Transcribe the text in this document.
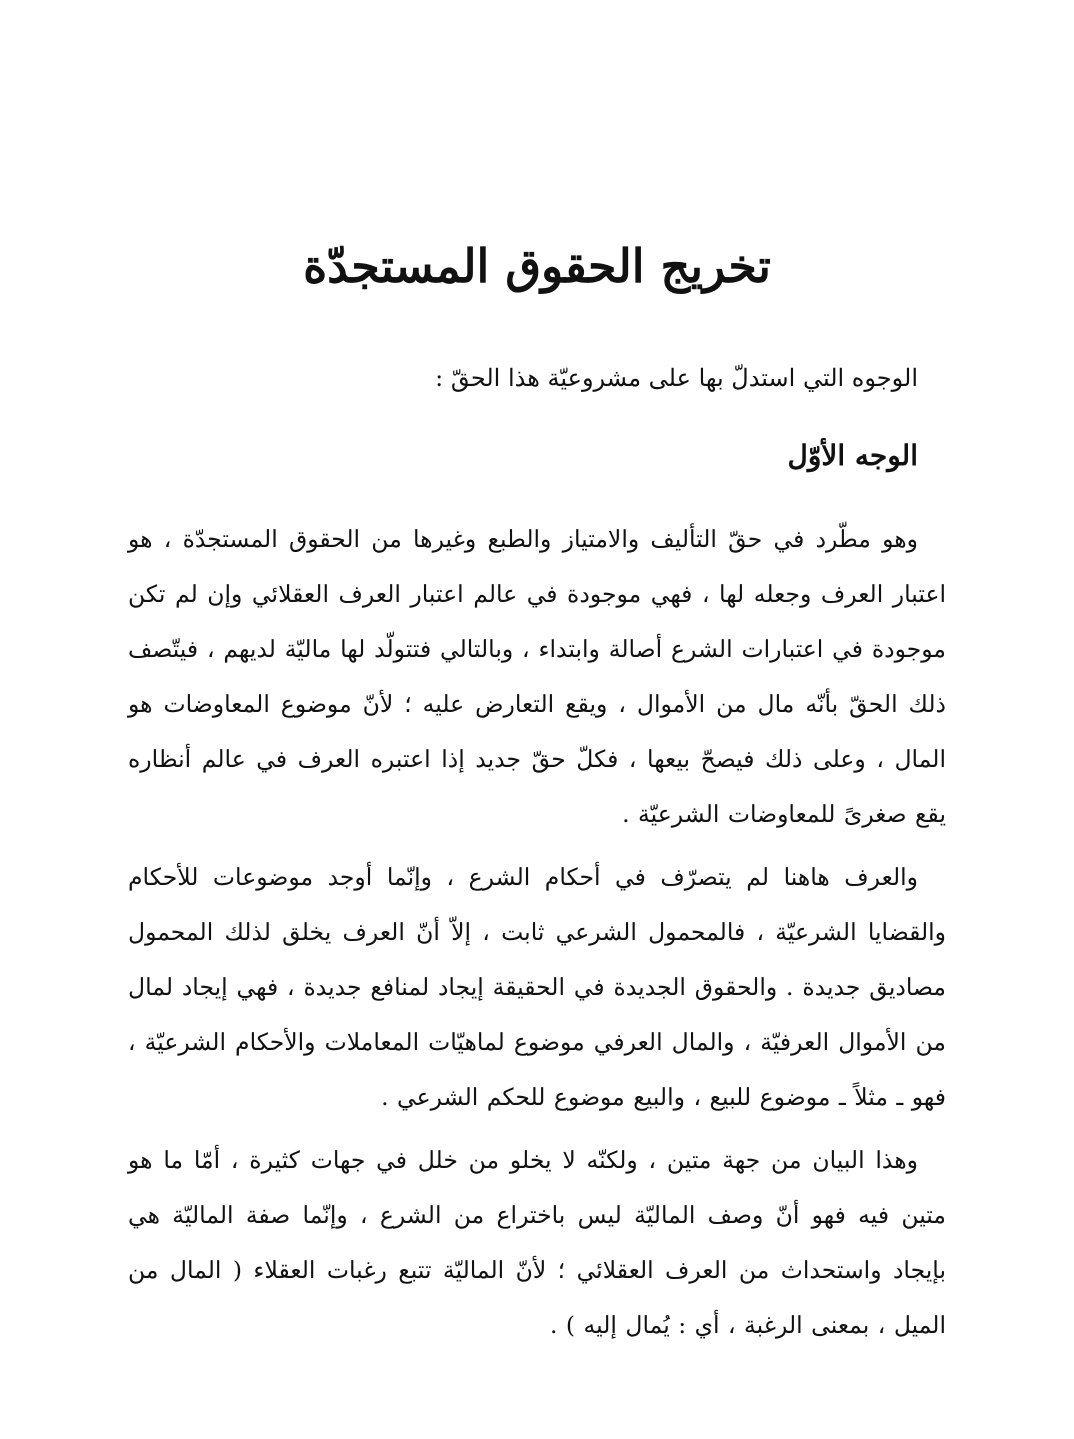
تخريج الحقوق المستجدّة

الوجوه التي استدلّ بها على مشروعيّة هذا الحقّ :

الوجه الأوّل

وهو مطّرد في حقّ التأليف والامتياز والطبع وغيرها من الحقوق المستجدّة ، هو اعتبار العرف وجعله لها ، فهي موجودة في عالم اعتبار العرف العقلائي وإن لم تكن موجودة في اعتبارات الشرع أصالة وابتداء ، وبالتالي فتتولّد لها ماليّة لديهم ، فيتّصف ذلك الحقّ بأنّه مال من الأموال ، ويقع التعارض عليه ؛ لأنّ موضوع المعاوضات هو المال ، وعلى ذلك فيصحّ بيعها ، فكلّ حقّ جديد إذا اعتبره العرف في عالم أنظاره يقع صغرىً للمعاوضات الشرعيّة .

والعرف هاهنا لم يتصرّف في أحكام الشرع ، وإنّما أوجد موضوعات للأحكام والقضايا الشرعيّة ، فالمحمول الشرعي ثابت ، إلاّ أنّ العرف يخلق لذلك المحمول مصاديق جديدة . والحقوق الجديدة في الحقيقة إيجاد لمنافع جديدة ، فهي إيجاد لمال من الأموال العرفيّة ، والمال العرفي موضوع لماهيّات المعاملات والأحكام الشرعيّة ، فهو ـ مثلاً ـ موضوع للبيع ، والبيع موضوع للحكم الشرعي .

وهذا البيان من جهة متين ، ولكنّه لا يخلو من خلل في جهات كثيرة ، أمّا ما هو متين فيه فهو أنّ وصف الماليّة ليس باختراع من الشرع ، وإنّما صفة الماليّة هي بإيجاد واستحداث من العرف العقلائي ؛ لأنّ الماليّة تتبع رغبات العقلاء ( المال من الميل ، بمعنى الرغبة ، أي : يُمال إليه ) .
